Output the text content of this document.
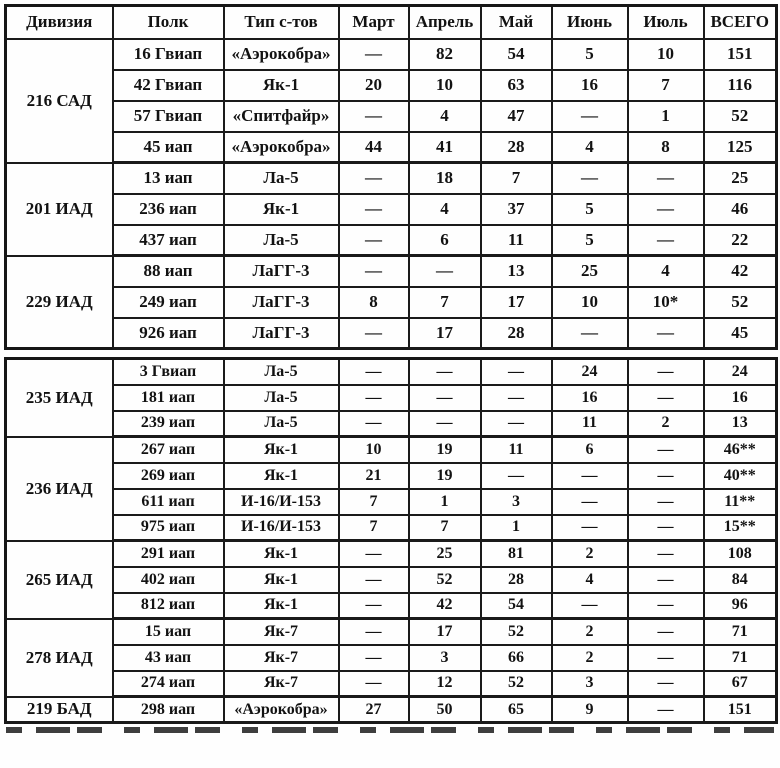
Дивизия	Полк	Тип с-тов	Март	Апрель	Май	Июнь	Июль	ВСЕГО
216 САД	16 Гвиап	«Аэрокобра»	—	82	54	5	10	151
	42 Гвиап	Як-1	20	10	63	16	7	116
	57 Гвиап	«Спитфайр»	—	4	47	—	1	52
	45 иап	«Аэрокобра»	44	41	28	4	8	125
201 ИАД	13 иап	Ла-5	—	18	7	—	—	25
	236 иап	Як-1	—	4	37	5	—	46
	437 иап	Ла-5	—	6	11	5	—	22
229 ИАД	88 иап	ЛаГГ-3	—	—	13	25	4	42
	249 иап	ЛаГГ-3	8	7	17	10	10*	52
	926 иап	ЛаГГ-3	—	17	28	—	—	45
235 ИАД	3 Гвиап	Ла-5	—	—	—	24	—	24
	181 иап	Ла-5	—	—	—	16	—	16
	239 иап	Ла-5	—	—	—	11	2	13
236 ИАД	267 иап	Як-1	10	19	11	6	—	46**
	269 иап	Як-1	21	19	—	—	—	40**
	611 иап	И-16/И-153	7	1	3	—	—	11**
	975 иап	И-16/И-153	7	7	1	—	—	15**
265 ИАД	291 иап	Як-1	—	25	81	2	—	108
	402 иап	Як-1	—	52	28	4	—	84
	812 иап	Як-1	—	42	54	—	—	96
278 ИАД	15 иап	Як-7	—	17	52	2	—	71
	43 иап	Як-7	—	3	66	2	—	71
	274 иап	Як-7	—	12	52	3	—	67
219 БАД	298 иап	«Аэрокобра»	27	50	65	9	—	151
